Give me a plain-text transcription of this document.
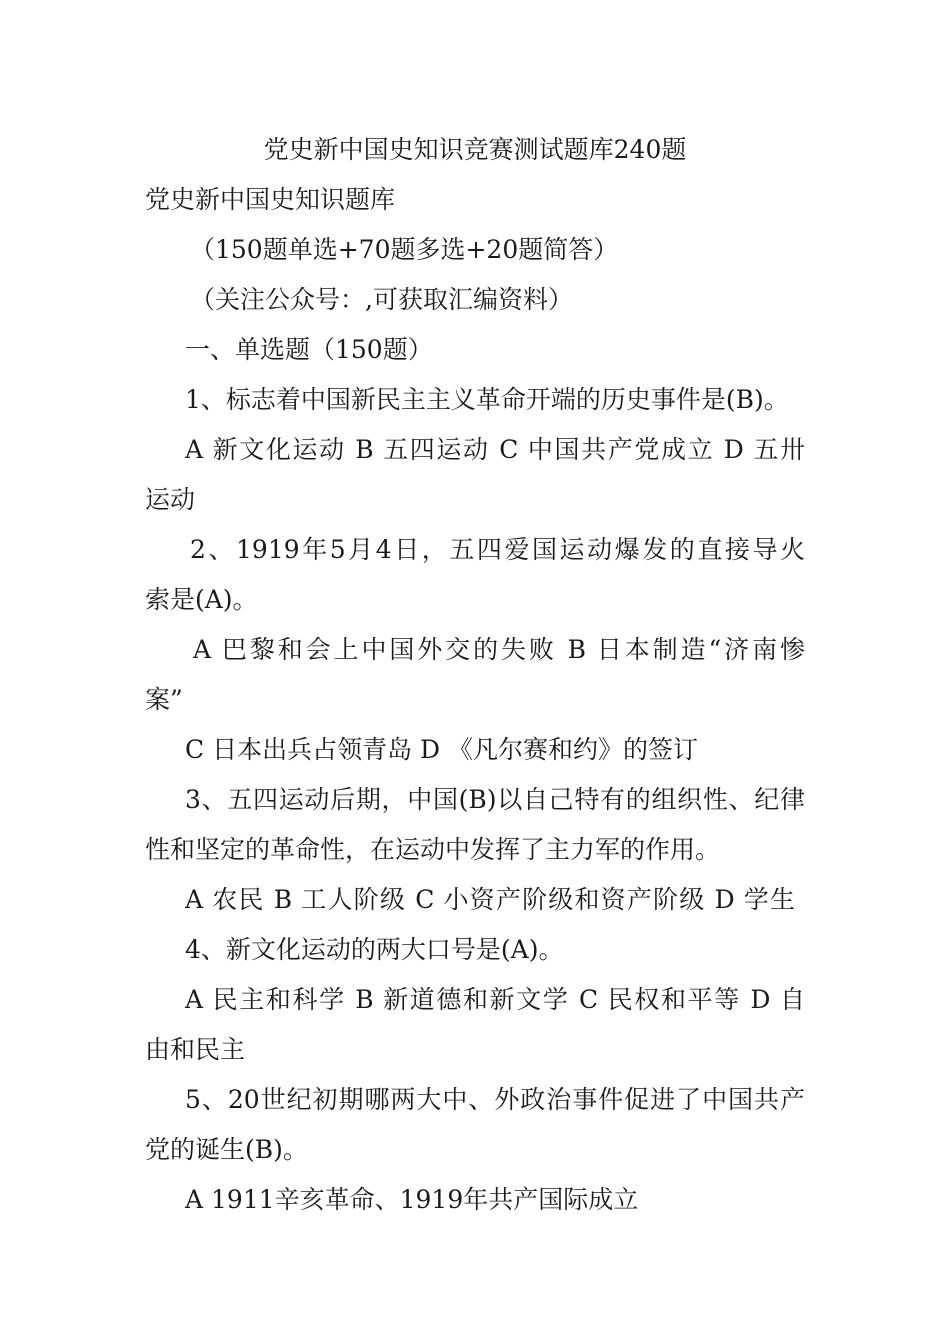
党史新中国史知识竞赛测试题库240题

党史新中国史知识题库

（150题单选+70题多选+20题简答）

（关注公众号：,可获取汇编资料）

一、单选题（150题）

1、标志着中国新民主主义革命开端的历史事件是(B)。

A 新文化运动 B 五四运动 C 中国共产党成立 D 五卅

运动

2、1919年5月4日，五四爱国运动爆发的直接导火

索是(A)。

A 巴黎和会上中国外交的失败 B 日本制造“济南惨

案”

C 日本出兵占领青岛 D 《凡尔赛和约》的签订

3、五四运动后期，中国(B)以自己特有的组织性、纪律

性和坚定的革命性，在运动中发挥了主力军的作用。

A 农民 B 工人阶级 C 小资产阶级和资产阶级 D 学生

4、新文化运动的两大口号是(A)。

A 民主和科学 B 新道德和新文学 C 民权和平等 D 自

由和民主

5、20世纪初期哪两大中、外政治事件促进了中国共产

党的诞生(B)。

A 1911辛亥革命、1919年共产国际成立
